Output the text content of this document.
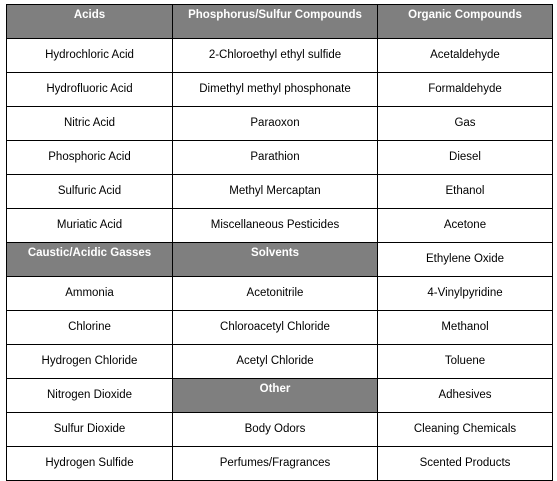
Acids	Phosphorus/Sulfur Compounds	Organic Compounds
Hydrochloric Acid	2-Chloroethyl ethyl sulfide	Acetaldehyde
Hydrofluoric Acid	Dimethyl methyl phosphonate	Formaldehyde
Nitric Acid	Paraoxon	Gas
Phosphoric Acid	Parathion	Diesel
Sulfuric Acid	Methyl Mercaptan	Ethanol
Muriatic Acid	Miscellaneous Pesticides	Acetone
Caustic/Acidic Gasses	Solvents	Ethylene Oxide
Ammonia	Acetonitrile	4-Vinylpyridine
Chlorine	Chloroacetyl Chloride	Methanol
Hydrogen Chloride	Acetyl Chloride	Toluene
Nitrogen Dioxide	Other	Adhesives
Sulfur Dioxide	Body Odors	Cleaning Chemicals
Hydrogen Sulfide	Perfumes/Fragrances	Scented Products
